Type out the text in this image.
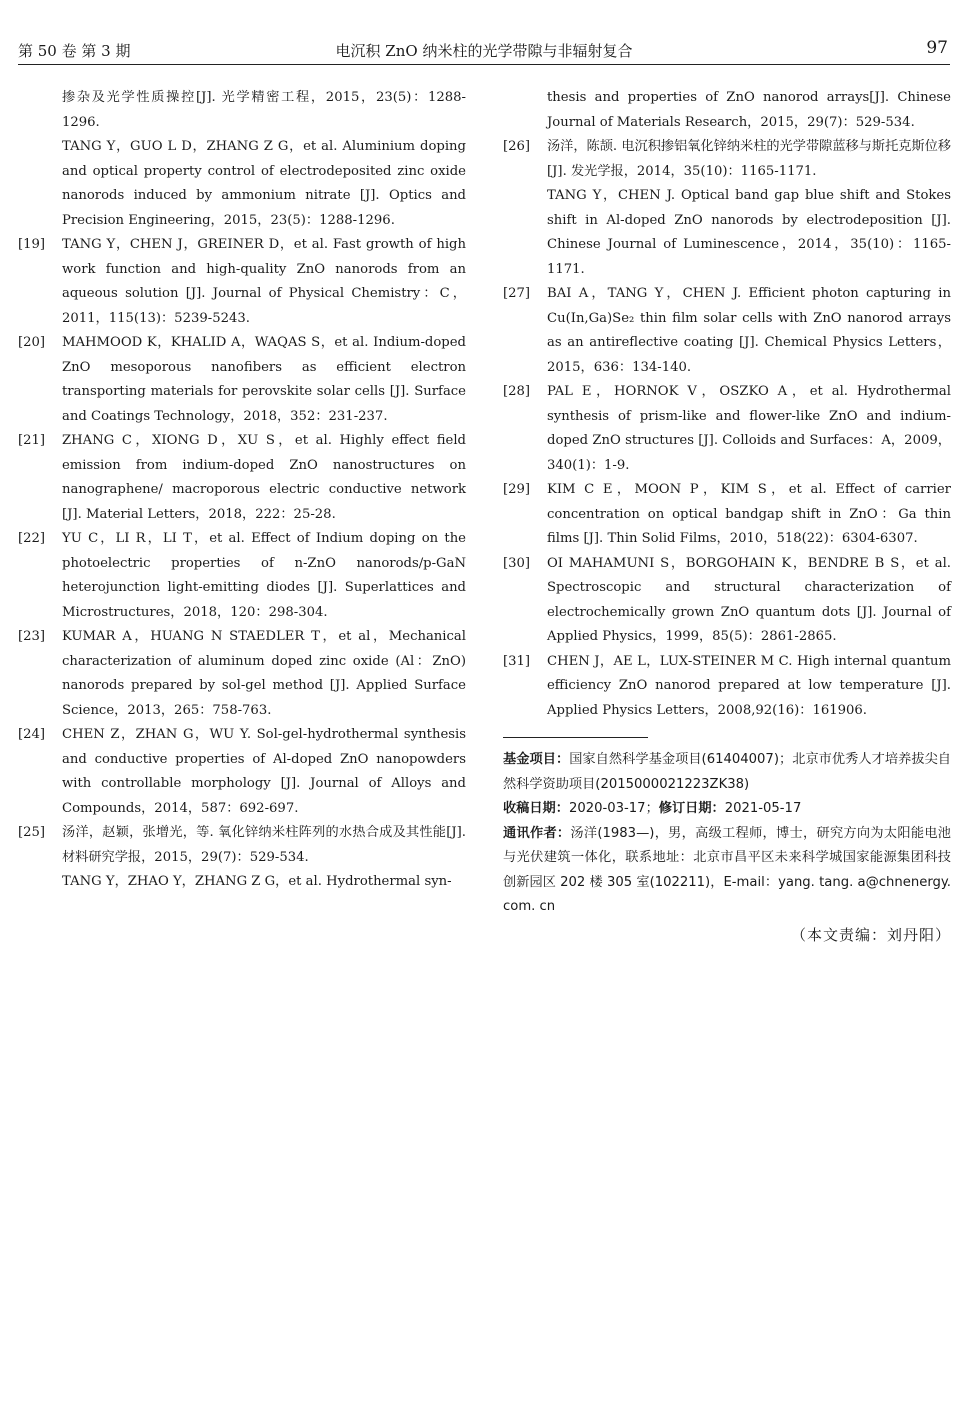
第 50 卷 第 3 期	电沉积 ZnO 纳米柱的光学带隙与非辐射复合	97

掺杂及光学性质操控[J]. 光学精密工程，2015，23(5)：1288-1296.

TANG Y，GUO L D，ZHANG Z G，et al. Aluminium doping and optical property control of electrodeposited zinc oxide nanorods induced by ammonium nitrate [J]. Optics and Precision Engineering，2015，23(5)：1288-1296.

[19] TANG Y，CHEN J，GREINER D，et al. Fast growth of high work function and high-quality ZnO nanorods from an aqueous solution [J]. Journal of Physical Chemistry：C，2011，115(13)：5239-5243.

[20] MAHMOOD K，KHALID A，WAQAS S，et al. Indium-doped ZnO mesoporous nanofibers as efficient electron transporting materials for perovskite solar cells [J]. Surface and Coatings Technology，2018，352：231-237.

[21] ZHANG C，XIONG D，XU S，et al. Highly effect field emission from indium-doped ZnO nanostructures on nanographene/ macroporous electric conductive network [J]. Material Letters，2018，222：25-28.

[22] YU C，LI R，LI T，et al. Effect of Indium doping on the photoelectric properties of n-ZnO nanorods/p-GaN heterojunction light-emitting diodes [J]. Superlattices and Microstructures，2018，120：298-304.

[23] KUMAR A，HUANG N STAEDLER T，et al，Mechanical characterization of aluminum doped zinc oxide (Al：ZnO) nanorods prepared by sol-gel method [J]. Applied Surface Science，2013，265：758-763.

[24] CHEN Z，ZHAN G，WU Y. Sol-gel-hydrothermal synthesis and conductive properties of Al-doped ZnO nanopowders with controllable morphology [J]. Journal of Alloys and Compounds，2014，587：692-697.

[25] 汤洋，赵颖，张增光，等. 氧化锌纳米柱阵列的水热合成及其性能[J]. 材料研究学报，2015，29(7)：529-534.

TANG Y，ZHAO Y，ZHANG Z G，et al. Hydrothermal syn-

thesis and properties of ZnO nanorod arrays[J]. Chinese Journal of Materials Research，2015，29(7)：529-534.

[26] 汤洋，陈颉. 电沉积掺铝氧化锌纳米柱的光学带隙蓝移与斯托克斯位移[J]. 发光学报，2014，35(10)：1165-1171.

TANG Y，CHEN J. Optical band gap blue shift and Stokes shift in Al-doped ZnO nanorods by electrodeposition [J]. Chinese Journal of Luminescence，2014，35(10)：1165-1171.

[27] BAI A，TANG Y，CHEN J. Efficient photon capturing in Cu(In,Ga)Se₂ thin film solar cells with ZnO nanorod arrays as an antireflective coating [J]. Chemical Physics Letters，2015，636：134-140.

[28] PAL E，HORNOK V，OSZKO A，et al. Hydrothermal synthesis of prism-like and flower-like ZnO and indium-doped ZnO structures [J]. Colloids and Surfaces：A，2009，340(1)：1-9.

[29] KIM C E，MOON P，KIM S，et al. Effect of carrier concentration on optical bandgap shift in ZnO：Ga thin films [J]. Thin Solid Films，2010，518(22)：6304-6307.

[30] OI MAHAMUNI S，BORGOHAIN K，BENDRE B S，et al. Spectroscopic and structural characterization of electrochemically grown ZnO quantum dots [J]. Journal of Applied Physics，1999，85(5)：2861-2865.

[31] CHEN J，AE L，LUX-STEINER M C. High internal quantum efficiency ZnO nanorod prepared at low temperature [J]. Applied Physics Letters，2008,92(16)：161906.

基金项目：国家自然科学基金项目(61404007)；北京市优秀人才培养拔尖自然科学资助项目(2015000021223ZK38)

收稿日期：2020-03-17；修订日期：2021-05-17

通讯作者：汤洋(1983—)，男，高级工程师，博士，研究方向为太阳能电池与光伏建筑一体化，联系地址：北京市昌平区未来科学城国家能源集团科技创新园区 202 楼 305 室(102211)，E-mail：yang. tang. a@chnenergy. com. cn

（本文责编：刘丹阳）
